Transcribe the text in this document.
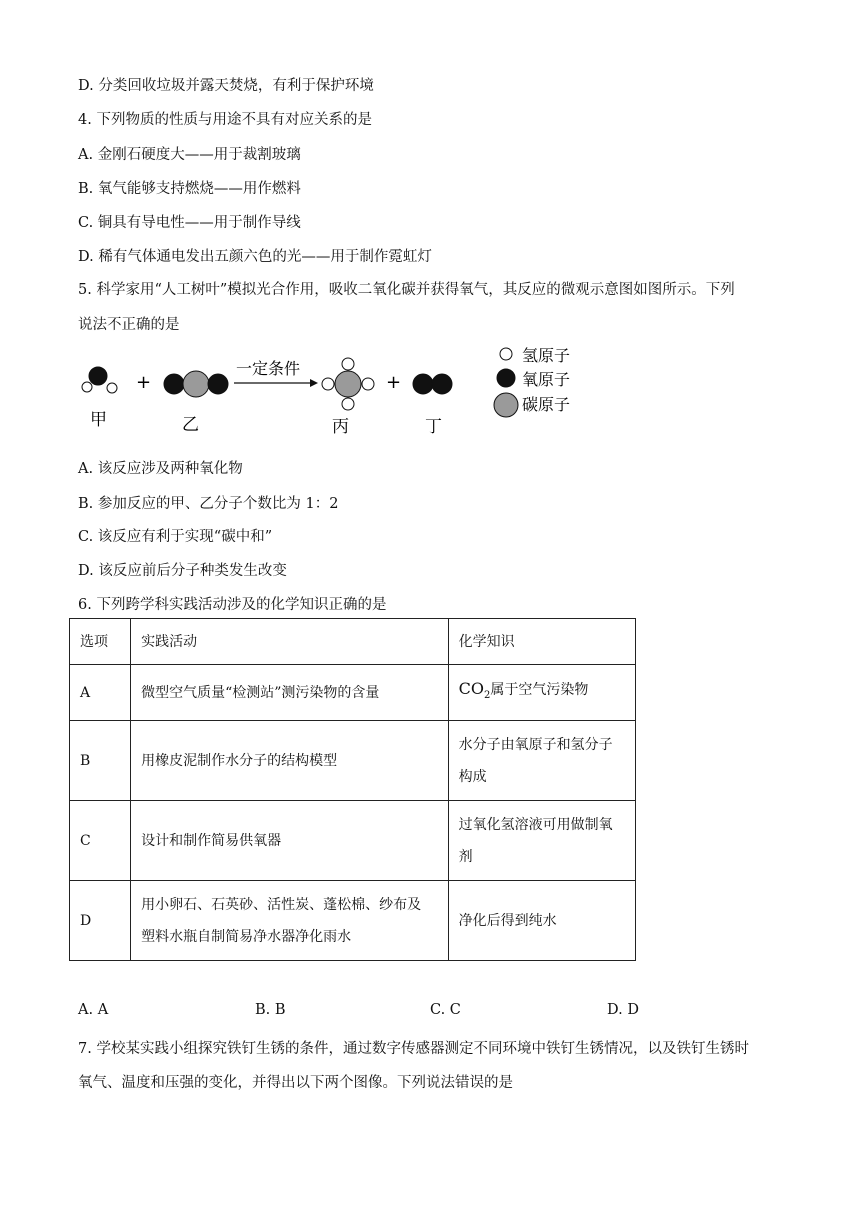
D. 分类回收垃圾并露天焚烧，有利于保护环境
4. 下列物质的性质与用途不具有对应关系的是
A. 金刚石硬度大——用于裁割玻璃
B. 氧气能够支持燃烧——用作燃料
C. 铜具有导电性——用于制作导线
D. 稀有气体通电发出五颜六色的光——用于制作霓虹灯
5. 科学家用“人工树叶”模拟光合作用，吸收二氧化碳并获得氧气，其反应的微观示意图如图所示。下列
说法不正确的是
甲
+
乙
一定条件
丙
+
丁
氢原子
氧原子
碳原子
A. 该反应涉及两种氧化物
B. 参加反应的甲、乙分子个数比为 1：2
C. 该反应有利于实现“碳中和”
D. 该反应前后分子种类发生改变
6. 下列跨学科实践活动涉及的化学知识正确的是
选项	实践活动	化学知识
A	微型空气质量“检测站”测污染物的含量	$CO_2$属于空气污染物
B	用橡皮泥制作水分子的结构模型	水分子由氧原子和氢分子
构成

C	设计和制作简易供氧器	过氧化氢溶液可用做制氧
剂

D	用小卵石、石英砂、活性炭、蓬松棉、纱布及
塑料水瓶自制简易净水器净化雨水	净化后得到纯水
A. A	B. B	C. C	D. D
7. 学校某实践小组探究铁钉生锈的条件，通过数字传感器测定不同环境中铁钉生锈情况，以及铁钉生锈时
氧气、温度和压强的变化，并得出以下两个图像。下列说法错误的是
